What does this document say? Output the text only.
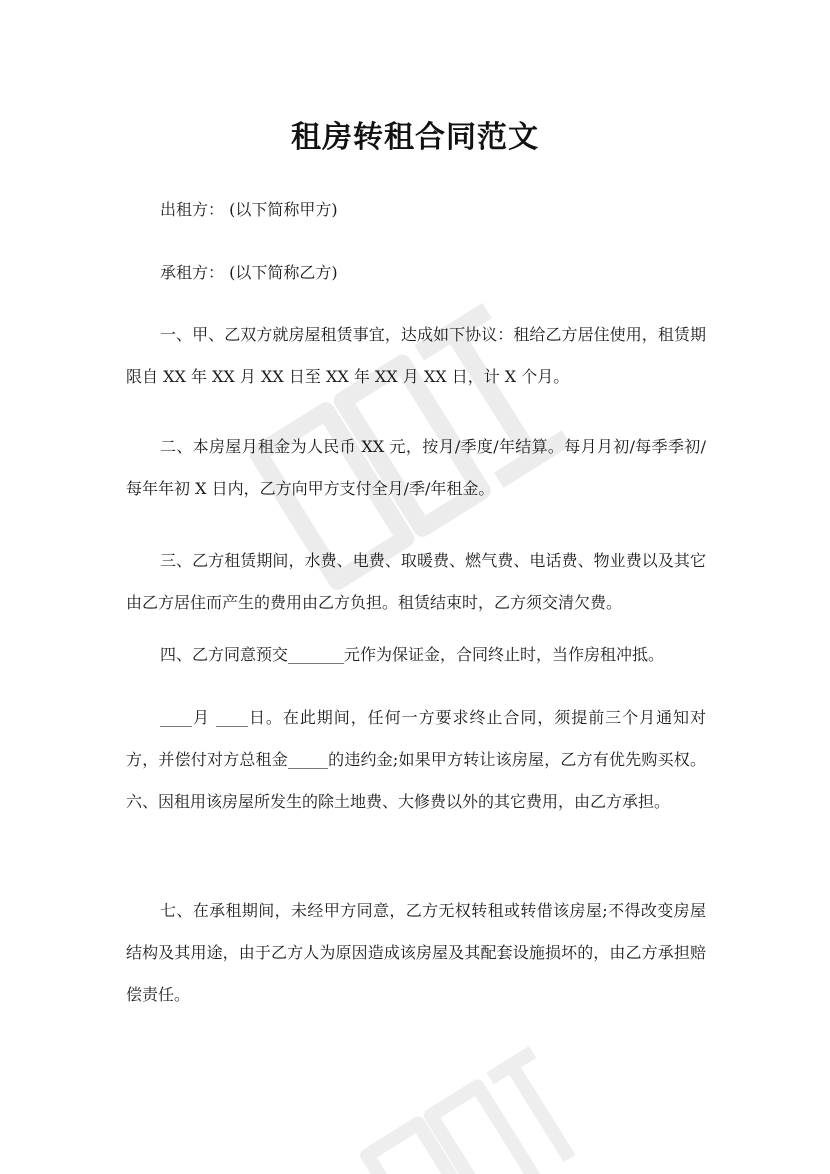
租房转租合同范文
出租方： (以下简称甲方)
承租方： (以下简称乙方)

一、甲、乙双方就房屋租赁事宜，达成如下协议：租给乙方居住使用，租赁期限自 XX 年 XX 月 XX 日至 XX 年 XX 月 XX 日，计 X 个月。

二、本房屋月租金为人民币 XX 元，按月/季度/年结算。每月月初/每季季初/每年年初 X 日内，乙方向甲方支付全月/季/年租金。

三、乙方租赁期间，水费、电费、取暖费、燃气费、电话费、物业费以及其它由乙方居住而产生的费用由乙方负担。租赁结束时，乙方须交清欠费。

四、乙方同意预交_______元作为保证金，合同终止时，当作房租冲抵。

____月 ____日。在此期间，任何一方要求终止合同，须提前三个月通知对方，并偿付对方总租金_____的违约金;如果甲方转让该房屋，乙方有优先购买权。 六、因租用该房屋所发生的除土地费、大修费以外的其它费用，由乙方承担。

七、在承租期间，未经甲方同意，乙方无权转租或转借该房屋;不得改变房屋结构及其用途，由于乙方人为原因造成该房屋及其配套设施损坏的，由乙方承担赔偿责任。
